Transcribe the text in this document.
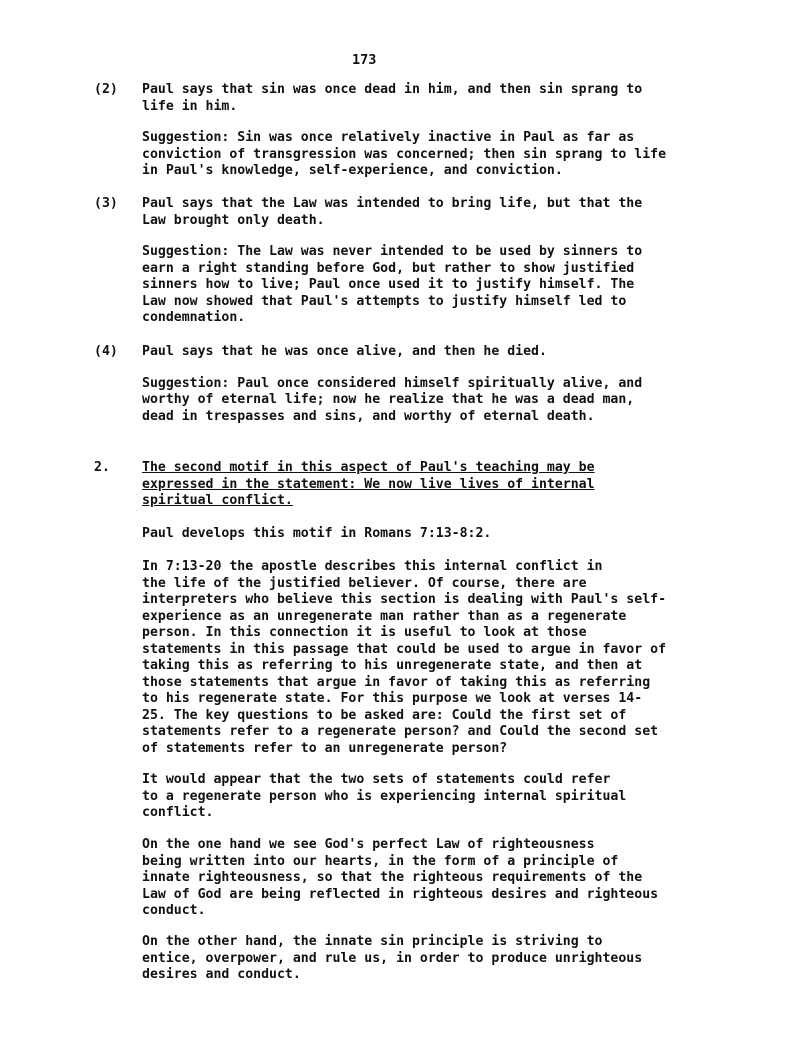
173
(2) Paul says that sin was once dead in him, and then sin sprang to
life in him.
Suggestion: Sin was once relatively inactive in Paul as far as
conviction of transgression was concerned; then sin sprang to life
in Paul's knowledge, self-experience, and conviction.
(3) Paul says that the Law was intended to bring life, but that the
Law brought only death.
Suggestion: The Law was never intended to be used by sinners to
earn a right standing before God, but rather to show justified
sinners how to live; Paul once used it to justify himself. The
Law now showed that Paul's attempts to justify himself led to
condemnation.
(4) Paul says that he was once alive, and then he died.
Suggestion: Paul once considered himself spiritually alive, and
worthy of eternal life; now he realize that he was a dead man,
dead in trespasses and sins, and worthy of eternal death.
2. The second motif in this aspect of Paul's teaching may be
expressed in the statement: We now live lives of internal
spiritual conflict.
Paul develops this motif in Romans 7:13-8:2.
In 7:13-20 the apostle describes this internal conflict in
the life of the justified believer. Of course, there are
interpreters who believe this section is dealing with Paul's self-
experience as an unregenerate man rather than as a regenerate
person. In this connection it is useful to look at those
statements in this passage that could be used to argue in favor of
taking this as referring to his unregenerate state, and then at
those statements that argue in favor of taking this as referring
to his regenerate state. For this purpose we look at verses 14-
25. The key questions to be asked are: Could the first set of
statements refer to a regenerate person? and Could the second set
of statements refer to an unregenerate person?
It would appear that the two sets of statements could refer
to a regenerate person who is experiencing internal spiritual
conflict.
On the one hand we see God's perfect Law of righteousness
being written into our hearts, in the form of a principle of
innate righteousness, so that the righteous requirements of the
Law of God are being reflected in righteous desires and righteous
conduct.
On the other hand, the innate sin principle is striving to
entice, overpower, and rule us, in order to produce unrighteous
desires and conduct.
